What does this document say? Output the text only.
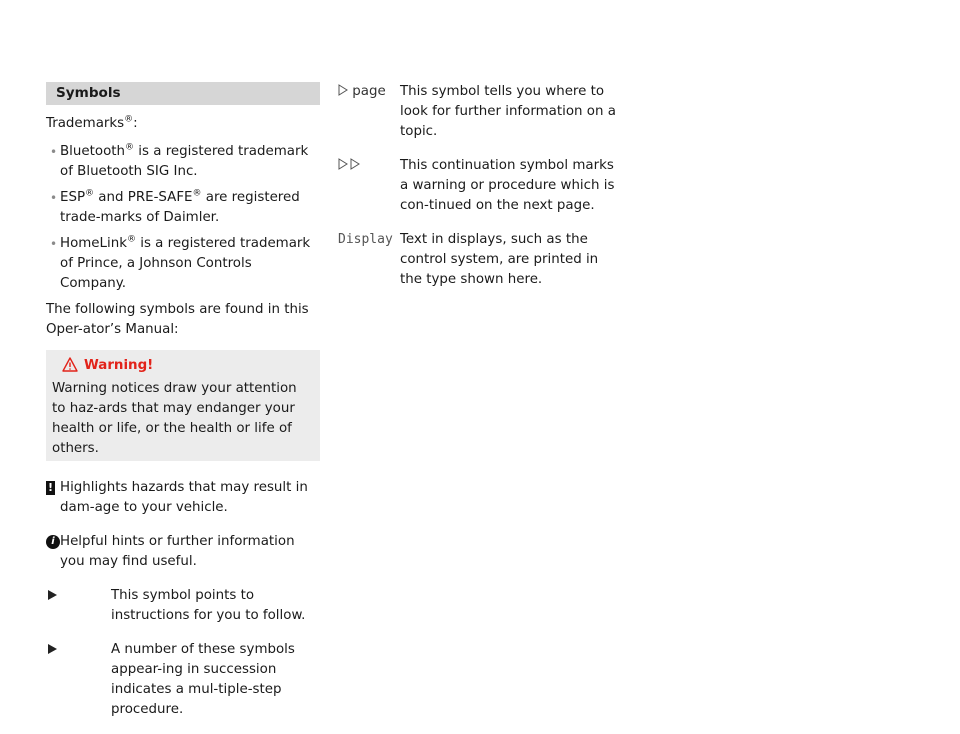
Symbols

Trademarks®:

• Bluetooth® is a registered trademark of Bluetooth SIG Inc.
• ESP® and PRE-SAFE® are registered trade-marks of Daimler.
• HomeLink® is a registered trademark of Prince, a Johnson Controls Company.

The following symbols are found in this Oper-ator’s Manual:

Warning!

Warning notices draw your attention to haz-ards that may endanger your health or life, or the health or life of others.

! Highlights hazards that may result in dam-age to your vehicle.
i Helpful hints or further information you may find useful.
This symbol points to instructions for you to follow.
A number of these symbols appear-ing in succession indicates a mul-tiple-step procedure.
page	This symbol tells you where to look for further information on a topic.
This continuation symbol marks a warning or procedure which is con-tinued on the next page.
Display Text in displays, such as the control system, are printed in the type shown here.
